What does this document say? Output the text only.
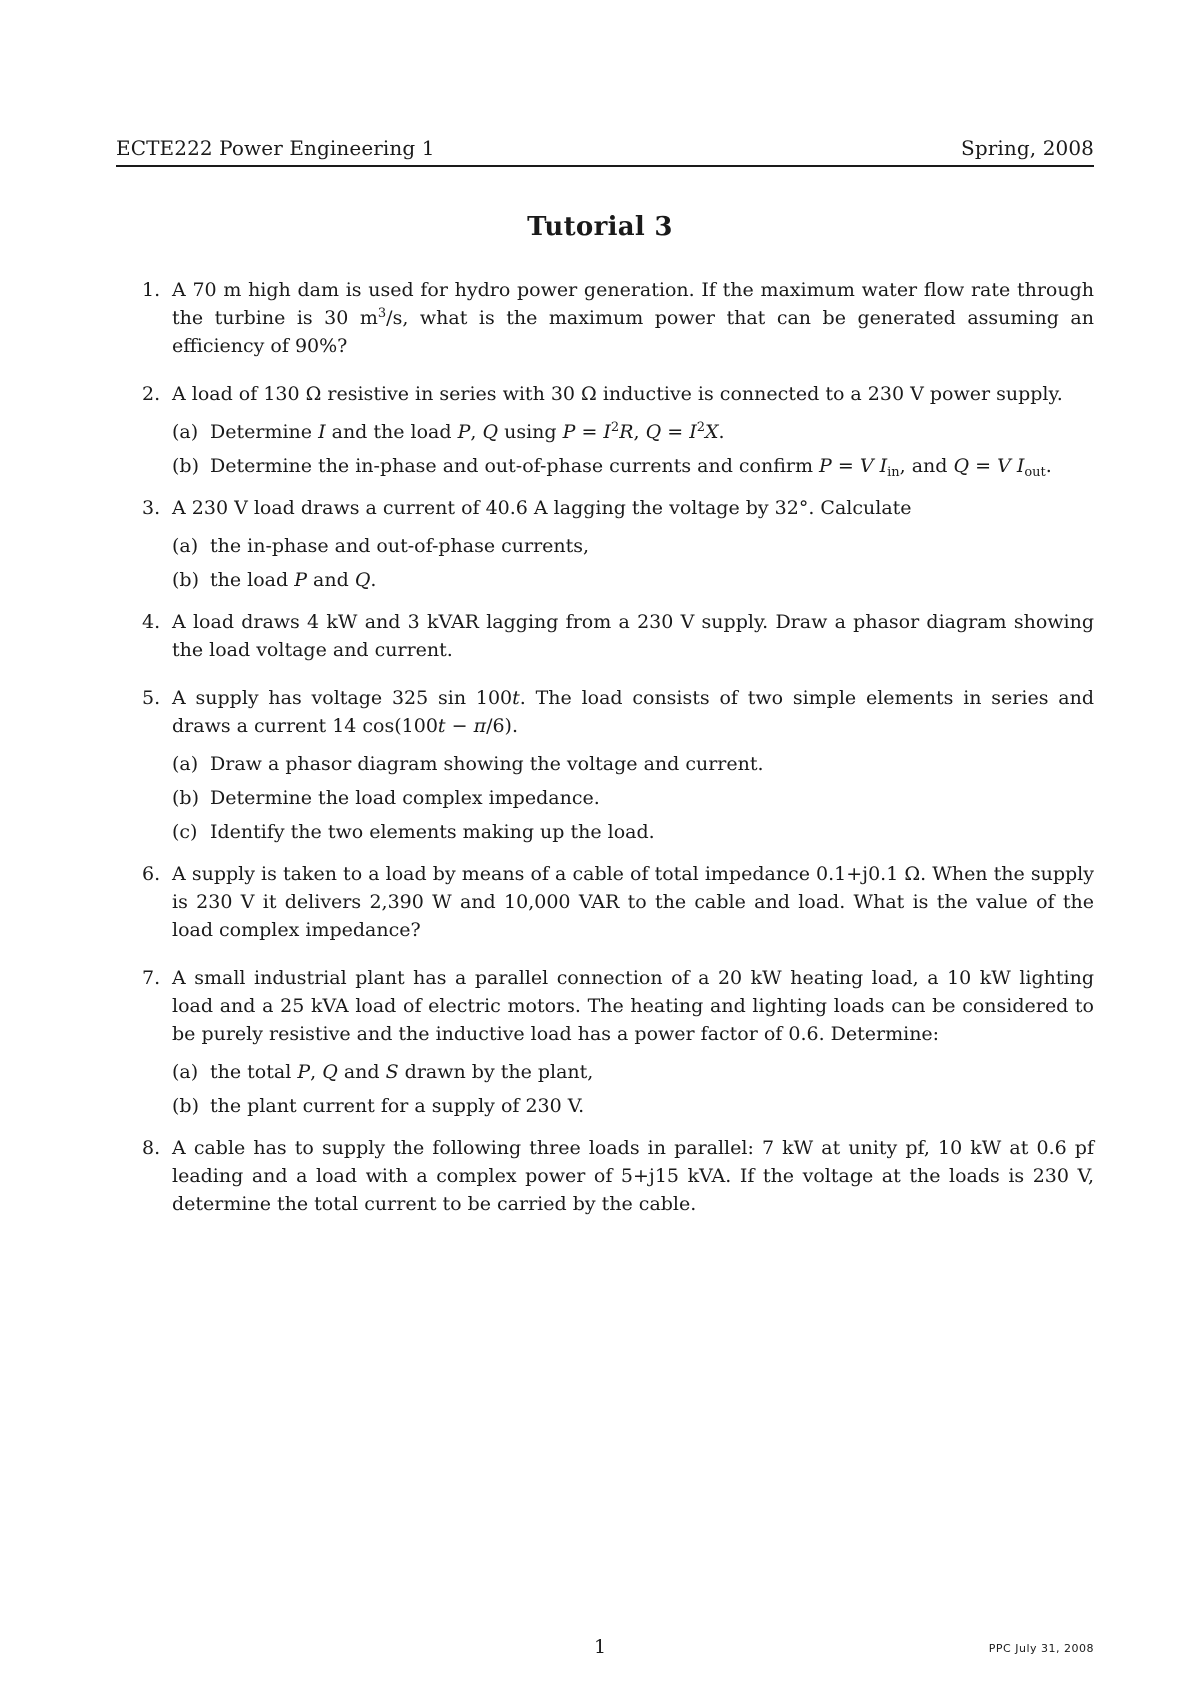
ECTE222 Power Engineering 1	Spring, 2008
Tutorial 3
1. A 70 m high dam is used for hydro power generation. If the maximum water flow rate through the turbine is 30 $m^3/s$, what is the maximum power that can be generated assuming an efficiency of 90%?
2. A load of 130 Ω resistive in series with 30 Ω inductive is connected to a 230 V power supply.
(a) Determine I and the load P, Q using $P = I^2R$, $Q = I^2X$.
(b) Determine the in-phase and out-of-phase currents and confirm P = V $I_{in}$, and Q = V $I_{out}$.
3. A 230 V load draws a current of 40.6 A lagging the voltage by 32°. Calculate
(a) the in-phase and out-of-phase currents,
(b) the load P and Q.
4. A load draws 4 kW and 3 kVAR lagging from a 230 V supply. Draw a phasor diagram showing the load voltage and current.
5. A supply has voltage 325 sin 100t. The load consists of two simple elements in series and draws a current 14 cos(100t − π/6).
(a) Draw a phasor diagram showing the voltage and current.
(b) Determine the load complex impedance.
(c) Identify the two elements making up the load.
6. A supply is taken to a load by means of a cable of total impedance 0.1+j0.1 Ω. When the supply is 230 V it delivers 2,390 W and 10,000 VAR to the cable and load. What is the value of the load complex impedance?
7. A small industrial plant has a parallel connection of a 20 kW heating load, a 10 kW lighting load and a 25 kVA load of electric motors. The heating and lighting loads can be considered to be purely resistive and the inductive load has a power factor of 0.6. Determine:
(a) the total P, Q and S drawn by the plant,
(b) the plant current for a supply of 230 V.
8. A cable has to supply the following three loads in parallel: 7 kW at unity pf, 10 kW at 0.6 pf leading and a load with a complex power of 5+j15 kVA. If the voltage at the loads is 230 V, determine the total current to be carried by the cable.
1	PPC July 31, 2008
